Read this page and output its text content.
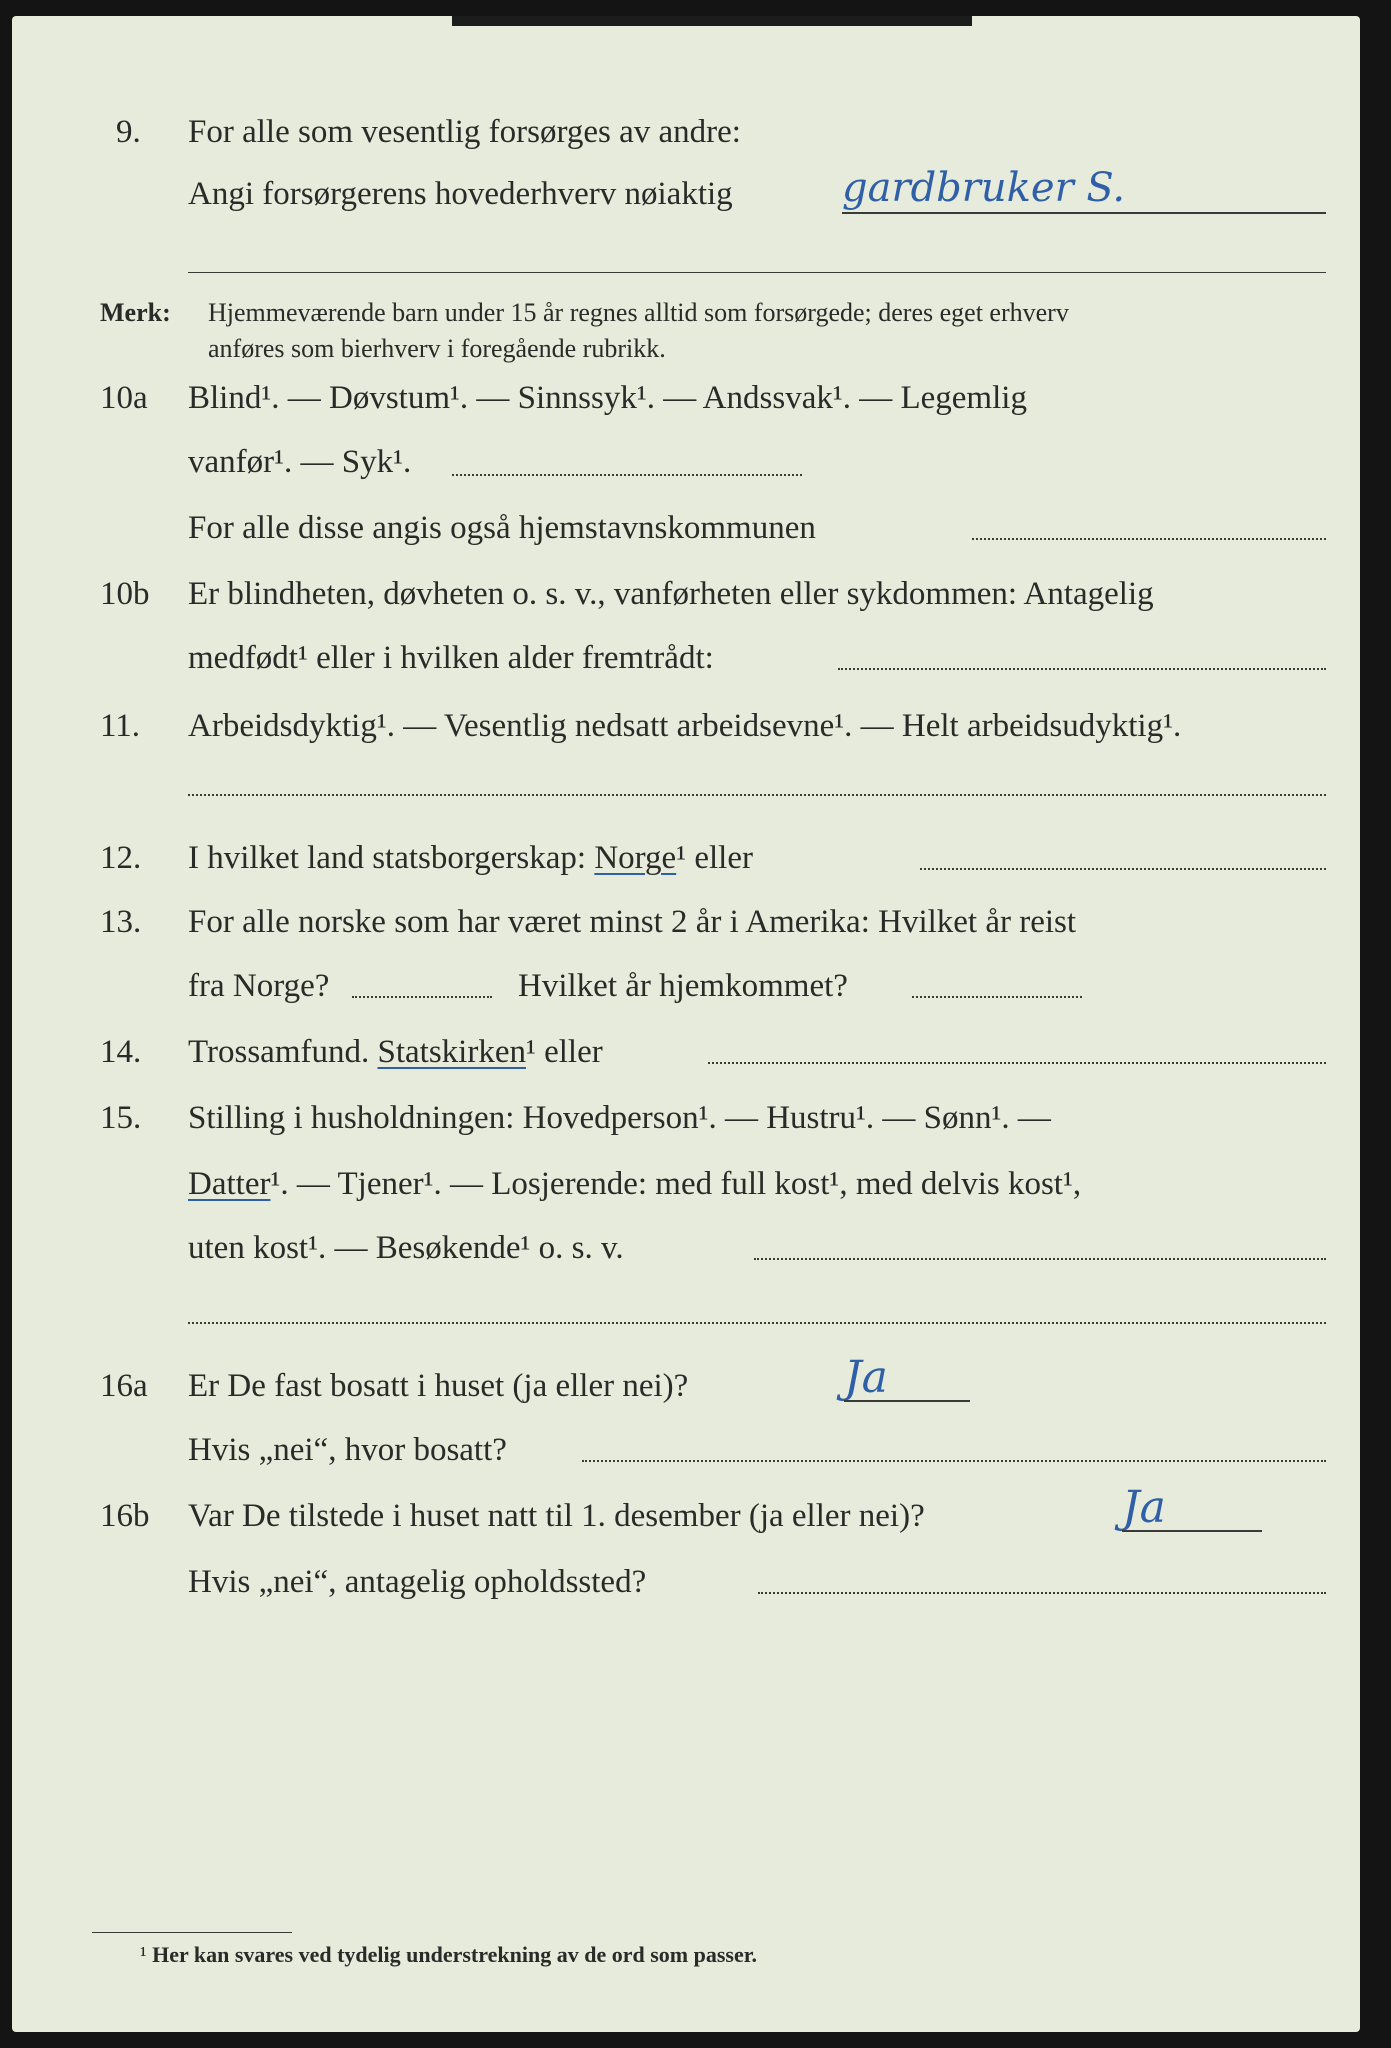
9. For alle som vesentlig forsørges av andre:
Angi forsørgerens hovederhverv nøiaktig	gardbruker S.
Merk: Hjemmeværende barn under 15 år regnes alltid som forsørgede; deres eget erhverv
anføres som bierhverv i foregående rubrikk.
10a Blind¹. — Døvstum¹. — Sinnssyk¹. — Andssvak¹. — Legemlig
vanfør¹. — Syk¹.
For alle disse angis også hjemstavnskommunen
10b Er blindheten, døvheten o. s. v., vanførheten eller sykdommen: Antagelig
medfødt¹ eller i hvilken alder fremtrådt:
11. Arbeidsdyktig¹. — Vesentlig nedsatt arbeidsevne¹. — Helt arbeidsudyktig¹.
12. I hvilket land statsborgerskap: Norge¹ eller
13. For alle norske som har været minst 2 år i Amerika: Hvilket år reist
fra Norge?	Hvilket år hjemkommet?
14. Trossamfund. Statskirken¹ eller
15. Stilling i husholdningen: Hovedperson¹. — Hustru¹. — Sønn¹. —
Datter¹. — Tjener¹. — Losjerende: med full kost¹, med delvis kost¹,
uten kost¹. — Besøkende¹ o. s. v.
16a Er De fast bosatt i huset (ja eller nei)?	Ja
Hvis „nei“, hvor bosatt?
16b Var De tilstede i huset natt til 1. desember (ja eller nei)?	Ja
Hvis „nei“, antagelig opholdssted?
¹ Her kan svares ved tydelig understrekning av de ord som passer.
